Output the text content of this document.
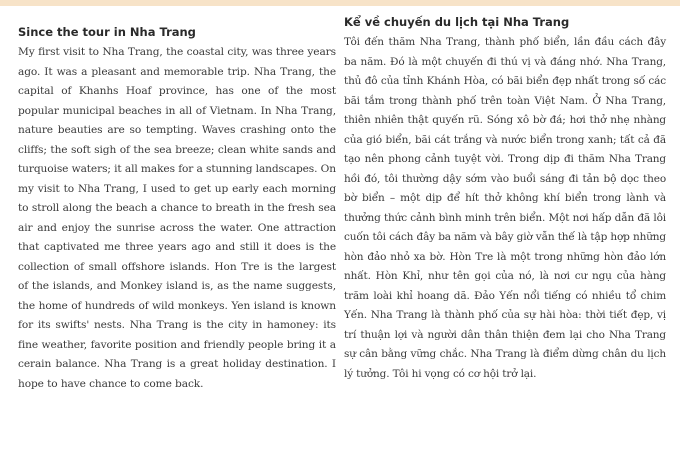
Since the tour in Nha Trang

My first visit to Nha Trang, the coastal city, was three years ago. It was a pleasant and memorable trip. Nha Trang, the capital of Khanhs Hoaf province, has one of the most popular municipal beaches in all of Vietnam. In Nha Trang, nature beauties are so tempting. Waves crashing onto the cliffs; the soft sigh of the sea breeze; clean white sands and turquoise waters; it all makes for a stunning landscapes. On my visit to Nha Trang, I used to get up early each morning to stroll along the beach a chance to breath in the fresh sea air and enjoy the sunrise across the water. One attraction that captivated me three years ago and still it does is the collection of small offshore islands. Hon Tre is the largest of the islands, and Monkey island is, as the name suggests, the home of hundreds of wild monkeys. Yen island is known for its swifts' nests. Nha Trang is the city in hamoney: its fine weather, favorite position and friendly people bring it a cerain balance. Nha Trang is a great holiday destination. I hope to have chance to come back.

Kể về chuyến du lịch tại Nha Trang

Tôi đến thăm Nha Trang, thành phố biển, lần đầu cách đây ba năm. Đó là một chuyến đi thú vị và đáng nhớ. Nha Trang, thủ đô của tỉnh Khánh Hòa, có bãi biển đẹp nhất trong số các bãi tắm trong thành phố trên toàn Việt Nam. Ở Nha Trang, thiên nhiên thật quyến rũ. Sóng xô bờ đá; hơi thở nhẹ nhàng của gió biển, bãi cát trắng và nước biển trong xanh; tất cả đã tạo nên phong cảnh tuyệt vời. Trong dịp đi thăm Nha Trang hồi đó, tôi thường dậy sớm vào buổi sáng đi tản bộ dọc theo bờ biển – một dịp để hít thở không khí biển trong lành và thưởng thức cảnh bình minh trên biển. Một nơi hấp dẫn đã lôi cuốn tôi cách đây ba năm và bây giờ vẫn thế là tập hợp những hòn đảo nhỏ xa bờ. Hòn Tre là một trong những hòn đảo lớn nhất. Hòn Khỉ, như tên gọi của nó, là nơi cư ngụ của hàng trăm loài khỉ hoang dã. Đảo Yến nổi tiếng có nhiều tổ chim Yến. Nha Trang là thành phố của sự hài hòa: thời tiết đẹp, vị trí thuận lợi và người dân thân thiện đem lại cho Nha Trang sự cân bằng vững chắc. Nha Trang là điểm dừng chân du lịch lý tưởng. Tôi hi vọng có cơ hội trở lại.
